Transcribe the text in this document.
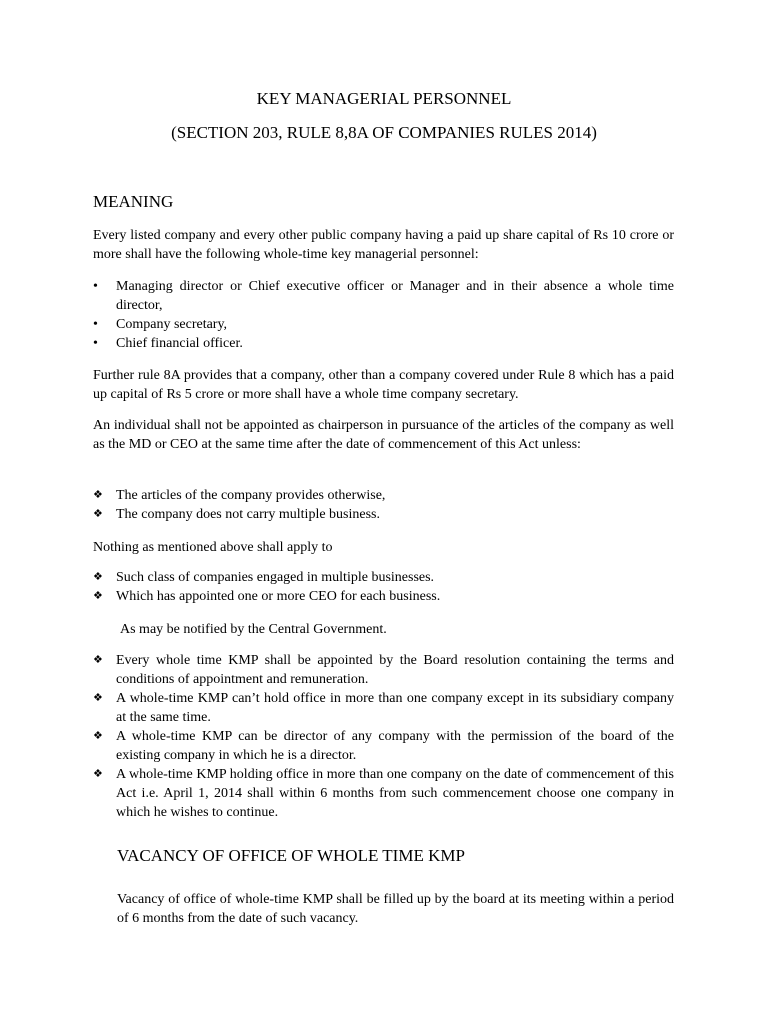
KEY MANAGERIAL PERSONNEL
(SECTION 203, RULE 8,8A OF COMPANIES RULES 2014)
MEANING

Every listed company and every other public company having a paid up share capital of Rs 10 crore or more shall have the following whole-time key managerial personnel:

•	Managing director or Chief executive officer or Manager and in their absence a whole time director,
•	Company secretary,
•	Chief financial officer.

Further rule 8A provides that a company, other than a company covered under Rule 8 which has a paid up capital of Rs 5 crore or more shall have a whole time company secretary.

An individual shall not be appointed as chairperson in pursuance of the articles of the company as well as the MD or CEO at the same time after the date of commencement of this Act unless:

❖ The articles of the company provides otherwise,
❖ The company does not carry multiple business.

Nothing as mentioned above shall apply to

❖ Such class of companies engaged in multiple businesses.
❖ Which has appointed one or more CEO for each business.

As may be notified by the Central Government.

❖ Every whole time KMP shall be appointed by the Board resolution containing the terms and conditions of appointment and remuneration.
❖ A whole-time KMP can’t hold office in more than one company except in its subsidiary company at the same time.
❖ A whole-time KMP can be director of any company with the permission of the board of the existing company in which he is a director.
❖ A whole-time KMP holding office in more than one company on the date of commencement of this Act i.e. April 1, 2014 shall within 6 months from such commencement choose one company in which he wishes to continue.
VACANCY OF OFFICE OF WHOLE TIME KMP

Vacancy of office of whole-time KMP shall be filled up by the board at its meeting within a period of 6 months from the date of such vacancy.
